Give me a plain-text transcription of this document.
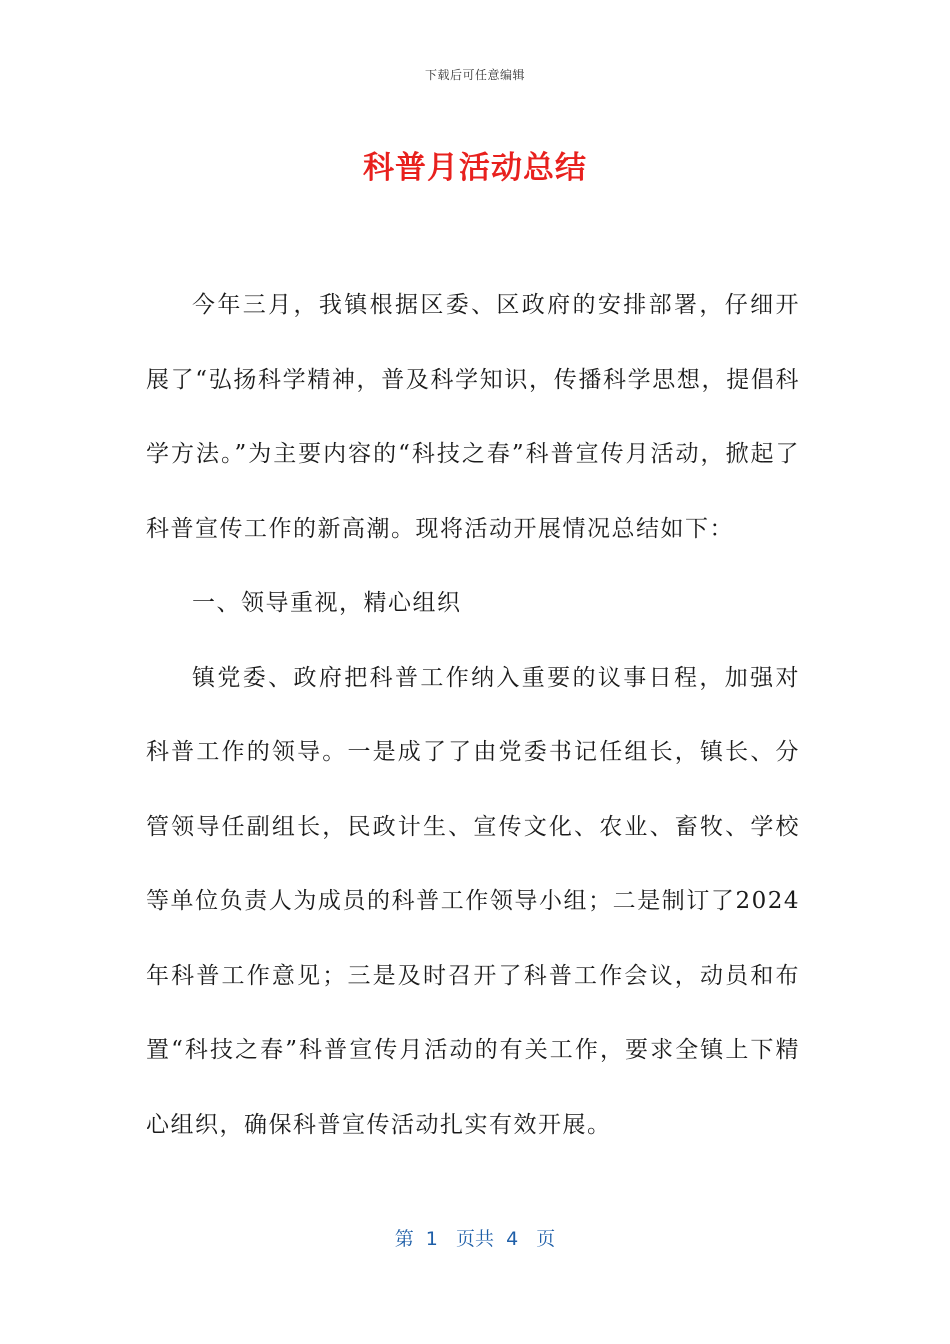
下载后可任意编辑
科普月活动总结

今年三月，我镇根据区委、区政府的安排部署，仔细开展了“弘扬科学精神，普及科学知识，传播科学思想，提倡科学方法。”为主要内容的“科技之春”科普宣传月活动，掀起了科普宣传工作的新高潮。现将活动开展情况总结如下：

一、领导重视，精心组织

镇党委、政府把科普工作纳入重要的议事日程，加强对科普工作的领导。一是成了了由党委书记任组长，镇长、分管领导任副组长，民政计生、宣传文化、农业、畜牧、学校等单位负责人为成员的科普工作领导小组；二是制订了2024年科普工作意见；三是及时召开了科普工作会议，动员和布置“科技之春”科普宣传月活动的有关工作，要求全镇上下精心组织，确保科普宣传活动扎实有效开展。

第  1   页共  4   页
